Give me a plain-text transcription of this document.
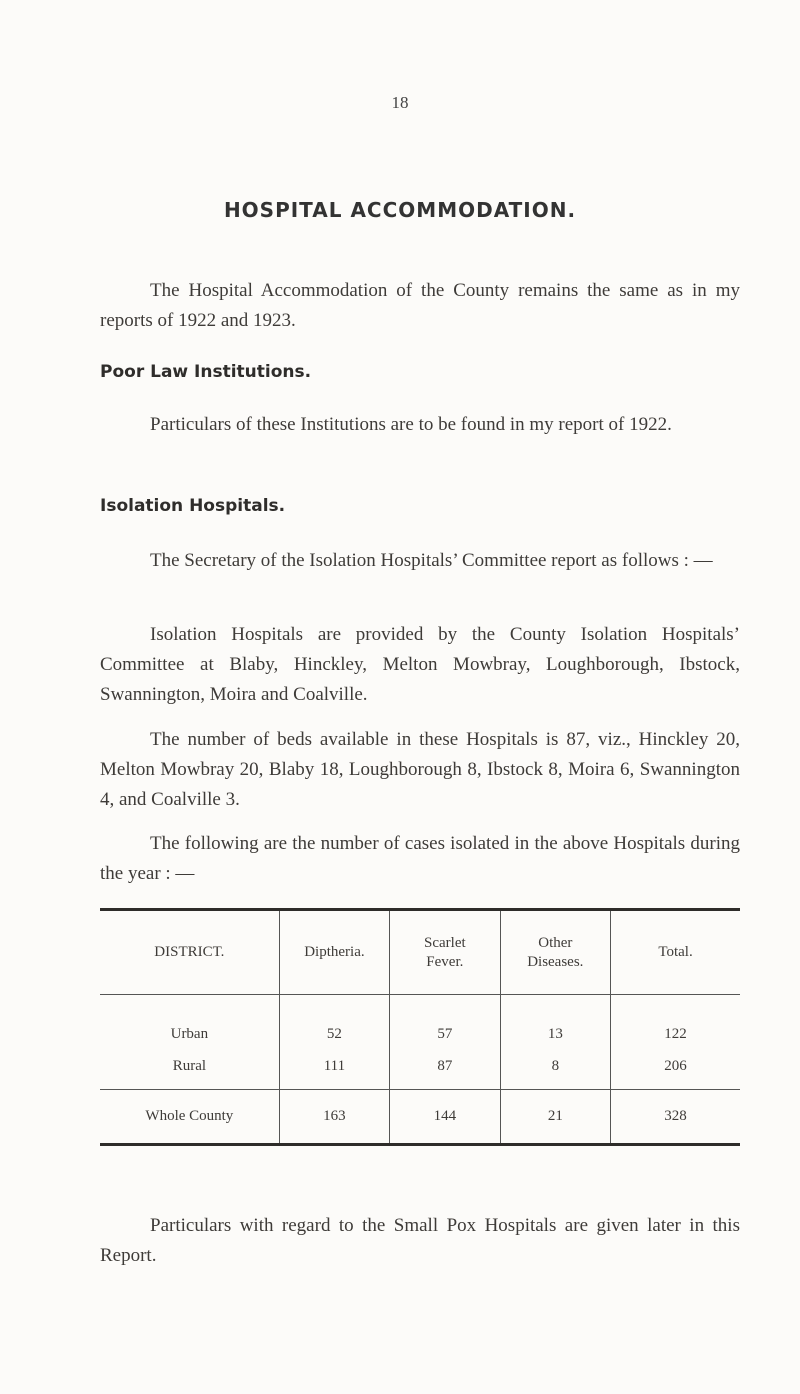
18
HOSPITAL ACCOMMODATION.

The Hospital Accommodation of the County remains the same as in my reports of 1922 and 1923.

Poor Law Institutions.

Particulars of these Institutions are to be found in my report of 1922.

Isolation Hospitals.

The Secretary of the Isolation Hospitals’ Committee report as follows : —

Isolation Hospitals are provided by the County Isolation Hospitals’ Committee at Blaby, Hinckley, Melton Mowbray, Loughborough, Ibstock, Swannington, Moira and Coalville.

The number of beds available in these Hospitals is 87, viz., Hinckley 20, Melton Mowbray 20, Blaby 18, Loughborough 8, Ibstock 8, Moira 6, Swannington 4, and Coalville 3.

The following are the number of cases isolated in the above Hospitals during the year : —

DISTRICT.	Diptheria.	Scarlet Fever.	Other Diseases.	Total.
Urban	52	57	13	122
Rural	111	87	8	206
Whole County	163	144	21	328

Particulars with regard to the Small Pox Hospitals are given later in this Report.
